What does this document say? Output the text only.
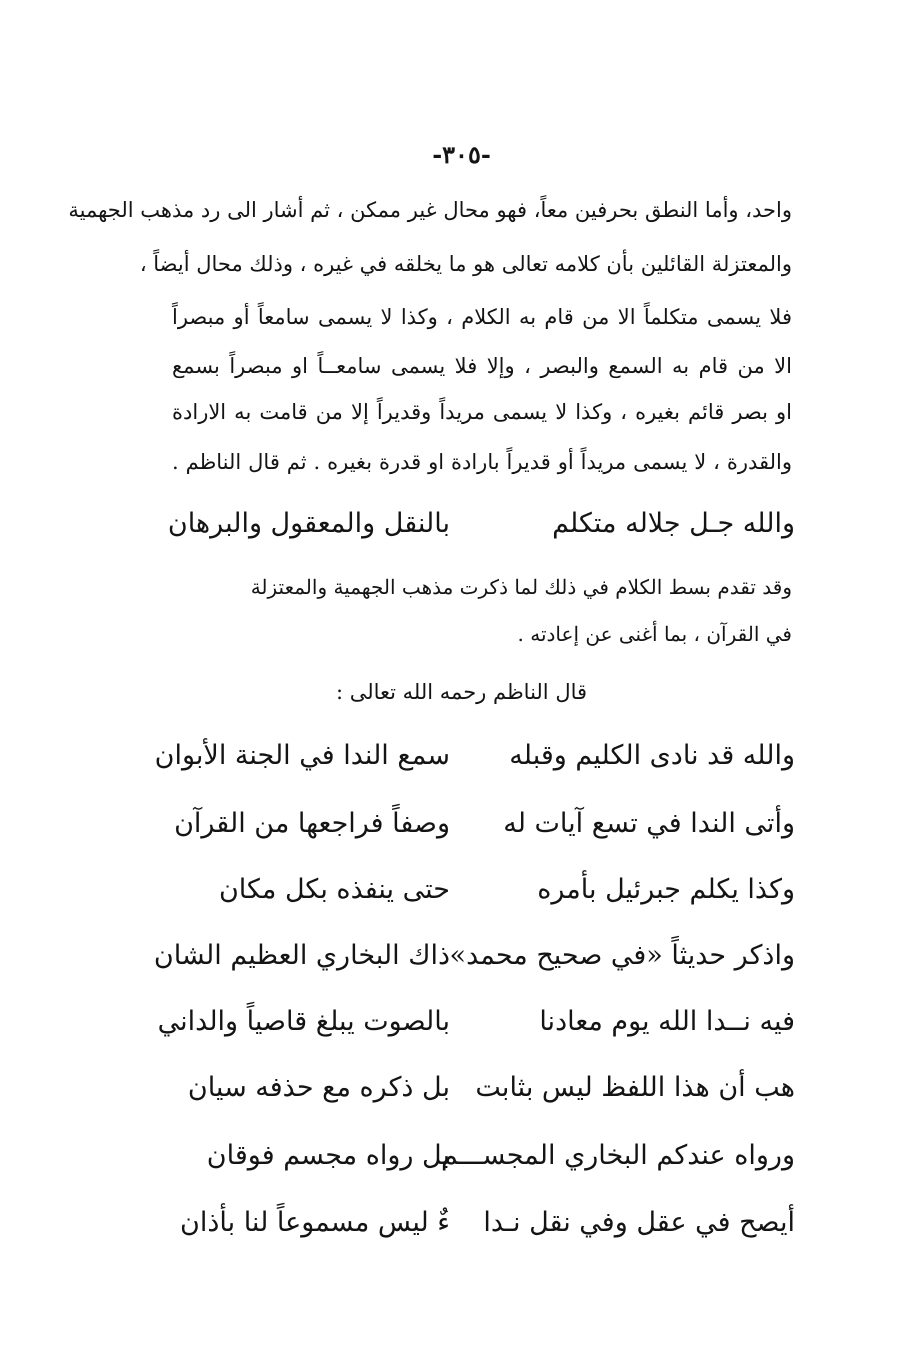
-٣٠٥-
واحد، وأما النطق بحرفين معاً، فهو محال غير ممكن ، ثم أشار الى رد مذهب الجهمية
والمعتزلة القائلين بأن كلامه تعالى هو ما يخلقه في غيره ، وذلك محال أيضاً ،
فلا يسمى متكلماً الا من قام به الكلام ، وكذا لا يسمى سامعاً أو مبصراً
الا من قام به السمع والبصر ، وإلا فلا يسمى سامعــاً او مبصراً بسمع
او بصر قائم بغيره ، وكذا لا يسمى مريداً وقديراً إلا من قامت به الارادة
والقدرة ، لا يسمى مريداً أو قديراً بارادة او قدرة بغيره . ثم قال الناظم .
والله جـل جلاله متكلم
بالنقل والمعقول والبرهان
وقد تقدم بسط الكلام في ذلك لما ذكرت مذهب الجهمية والمعتزلة
في القرآن ، بما أغنى عن إعادته .
قال الناظم رحمه الله تعالى :
والله قد نادى الكليم وقبله
سمع الندا في الجنة الأبوان
وأتى الندا في تسع آيات له
وصفاً فراجعها من القرآن
وكذا يكلم جبرئيل بأمره
حتى ينفذه بكل مكان
واذكر حديثاً «في صحيح محمد»
ذاك البخاري العظيم الشان
فيه نــدا الله يوم معادنا
بالصوت يبلغ قاصياً والداني
هب أن هذا اللفظ ليس بثابت
بل ذكره مع حذفه سيان
ورواه عندكم البخاري المجســـم
بل رواه مجسم فوقان
أيصح في عقل وفي نقل نـدا
ءٌ ليس مسموعاً لنا بأذان
